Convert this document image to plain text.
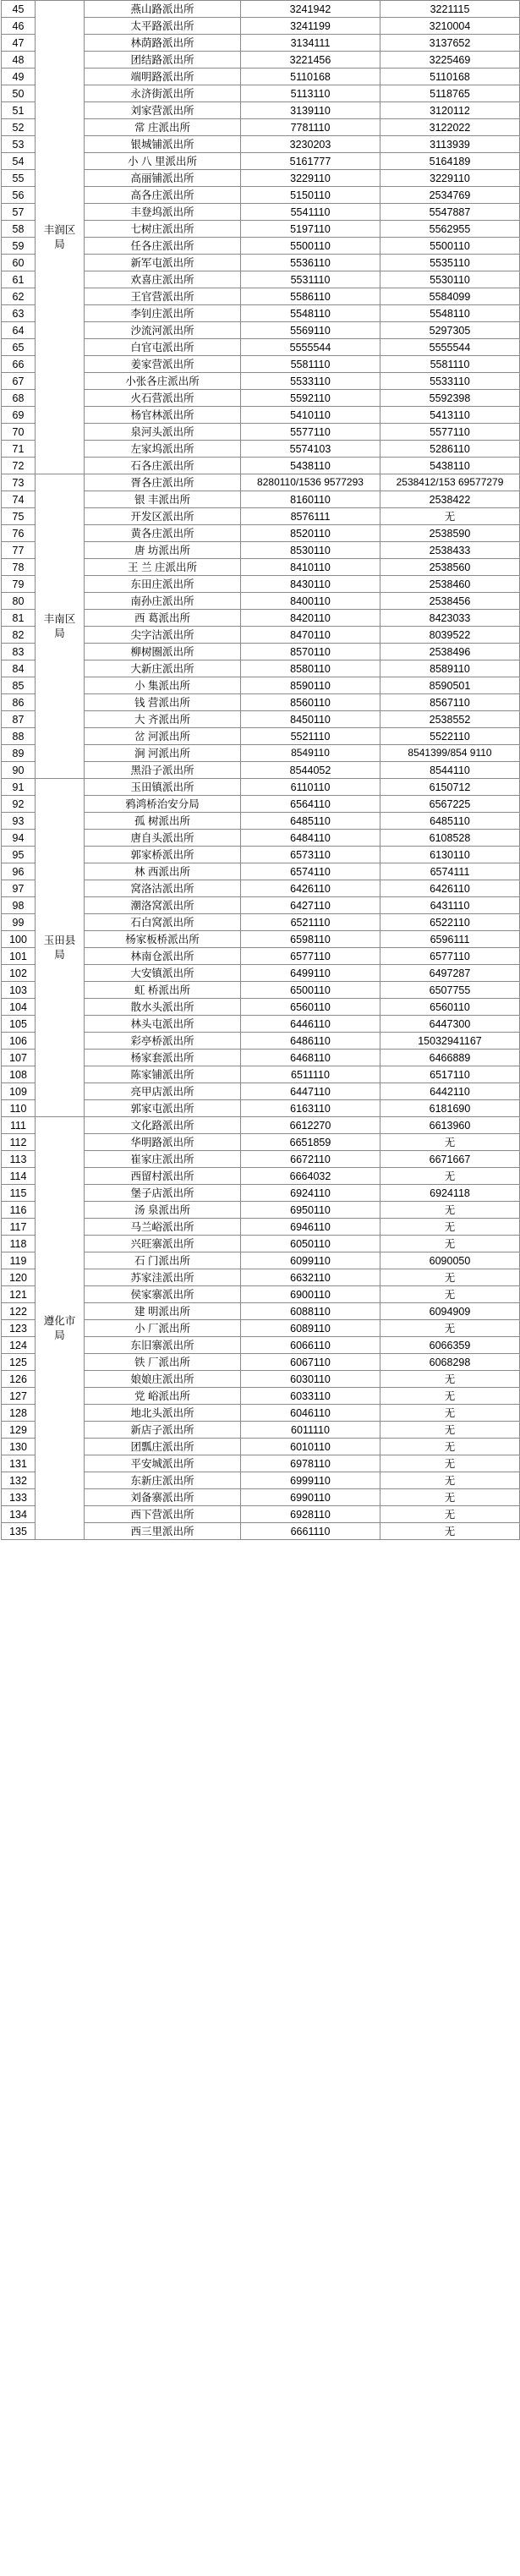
45	丰润区局	燕山路派出所	3241942	3221115
46		太平路派出所	3241199	3210004
47		林荫路派出所	3134111	3137652
48		团结路派出所	3221456	3225469
49		端明路派出所	5110168	5110168
50		永济街派出所	5113110	5118765
51		刘家营派出所	3139110	3120112
52		常 庄派出所	7781110	3122022
53		银城铺派出所	3230203	3113939
54		小 八 里派出所	5161777	5164189
55		高丽铺派出所	3229110	3229110
56		高各庄派出所	5150110	2534769
57		丰登坞派出所	5541110	5547887
58		七树庄派出所	5197110	5562955
59		任各庄派出所	5500110	5500110
60		新军屯派出所	5536110	5535110
61		欢喜庄派出所	5531110	5530110
62		王官营派出所	5586110	5584099
63		李钊庄派出所	5548110	5548110
64		沙流河派出所	5569110	5297305
65		白官屯派出所	5555544	5555544
66		姜家营派出所	5581110	5581110
67		小张各庄派出所	5533110	5533110
68		火石营派出所	5592110	5592398
69		杨官林派出所	5410110	5413110
70		泉河头派出所	5577110	5577110
71		左家坞派出所	5574103	5286110
72		石各庄派出所	5438110	5438110
73	丰南区局	胥各庄派出所	8280110/1536 9577293	2538412/153 69577279
74		银 丰派出所	8160110	2538422
75		开发区派出所	8576111	无
76		黄各庄派出所	8520110	2538590
77		唐 坊派出所	8530110	2538433
78		王 兰 庄派出所	8410110	2538560
79		东田庄派出所	8430110	2538460
80		南孙庄派出所	8400110	2538456
81		西 葛派出所	8420110	8423033
82		尖字沽派出所	8470110	8039522
83		柳树圈派出所	8570110	2538496
84		大新庄派出所	8580110	8589110
85		小 集派出所	8590110	8590501
86		钱 营派出所	8560110	8567110
87		大 齐派出所	8450110	2538552
88		岔 河派出所	5521110	5522110
89		涧 河派出所	8549110	8541399/854 9110
90		黑沿子派出所	8544052	8544110
91	玉田县局	玉田镇派出所	6110110	6150712
92		鸦鸿桥治安分局	6564110	6567225
93		孤 树派出所	6485110	6485110
94		唐自头派出所	6484110	6108528
95		郭家桥派出所	6573110	6130110
96		林 西派出所	6574110	6574111
97		窝洛沽派出所	6426110	6426110
98		潮洛窝派出所	6427110	6431110
99		石白窝派出所	6521110	6522110
100		杨家板桥派出所	6598110	6596111
101		林南仓派出所	6577110	6577110
102		大安镇派出所	6499110	6497287
103		虹 桥派出所	6500110	6507755
104		散水头派出所	6560110	6560110
105		林头屯派出所	6446110	6447300
106		彩亭桥派出所	6486110	15032941167
107		杨家套派出所	6468110	6466889
108		陈家铺派出所	6511110	6517110
109		亮甲店派出所	6447110	6442110
110		郭家屯派出所	6163110	6181690
111	遵化市局	文化路派出所	6612270	6613960
112		华明路派出所	6651859	无
113		崔家庄派出所	6672110	6671667
114		西留村派出所	6664032	无
115		堡子店派出所	6924110	6924118
116		汤 泉派出所	6950110	无
117		马兰峪派出所	6946110	无
118		兴旺寨派出所	6050110	无
119		石 门派出所	6099110	6090050
120		苏家洼派出所	6632110	无
121		侯家寨派出所	6900110	无
122		建 明派出所	6088110	6094909
123		小 厂派出所	6089110	无
124		东旧寨派出所	6066110	6066359
125		铁 厂派出所	6067110	6068298
126		娘娘庄派出所	6030110	无
127		党 峪派出所	6033110	无
128		地北头派出所	6046110	无
129		新店子派出所	6011110	无
130		团瓢庄派出所	6010110	无
131		平安城派出所	6978110	无
132		东新庄派出所	6999110	无
133		刘备寨派出所	6990110	无
134		西下营派出所	6928110	无
135		西三里派出所	6661110	无
